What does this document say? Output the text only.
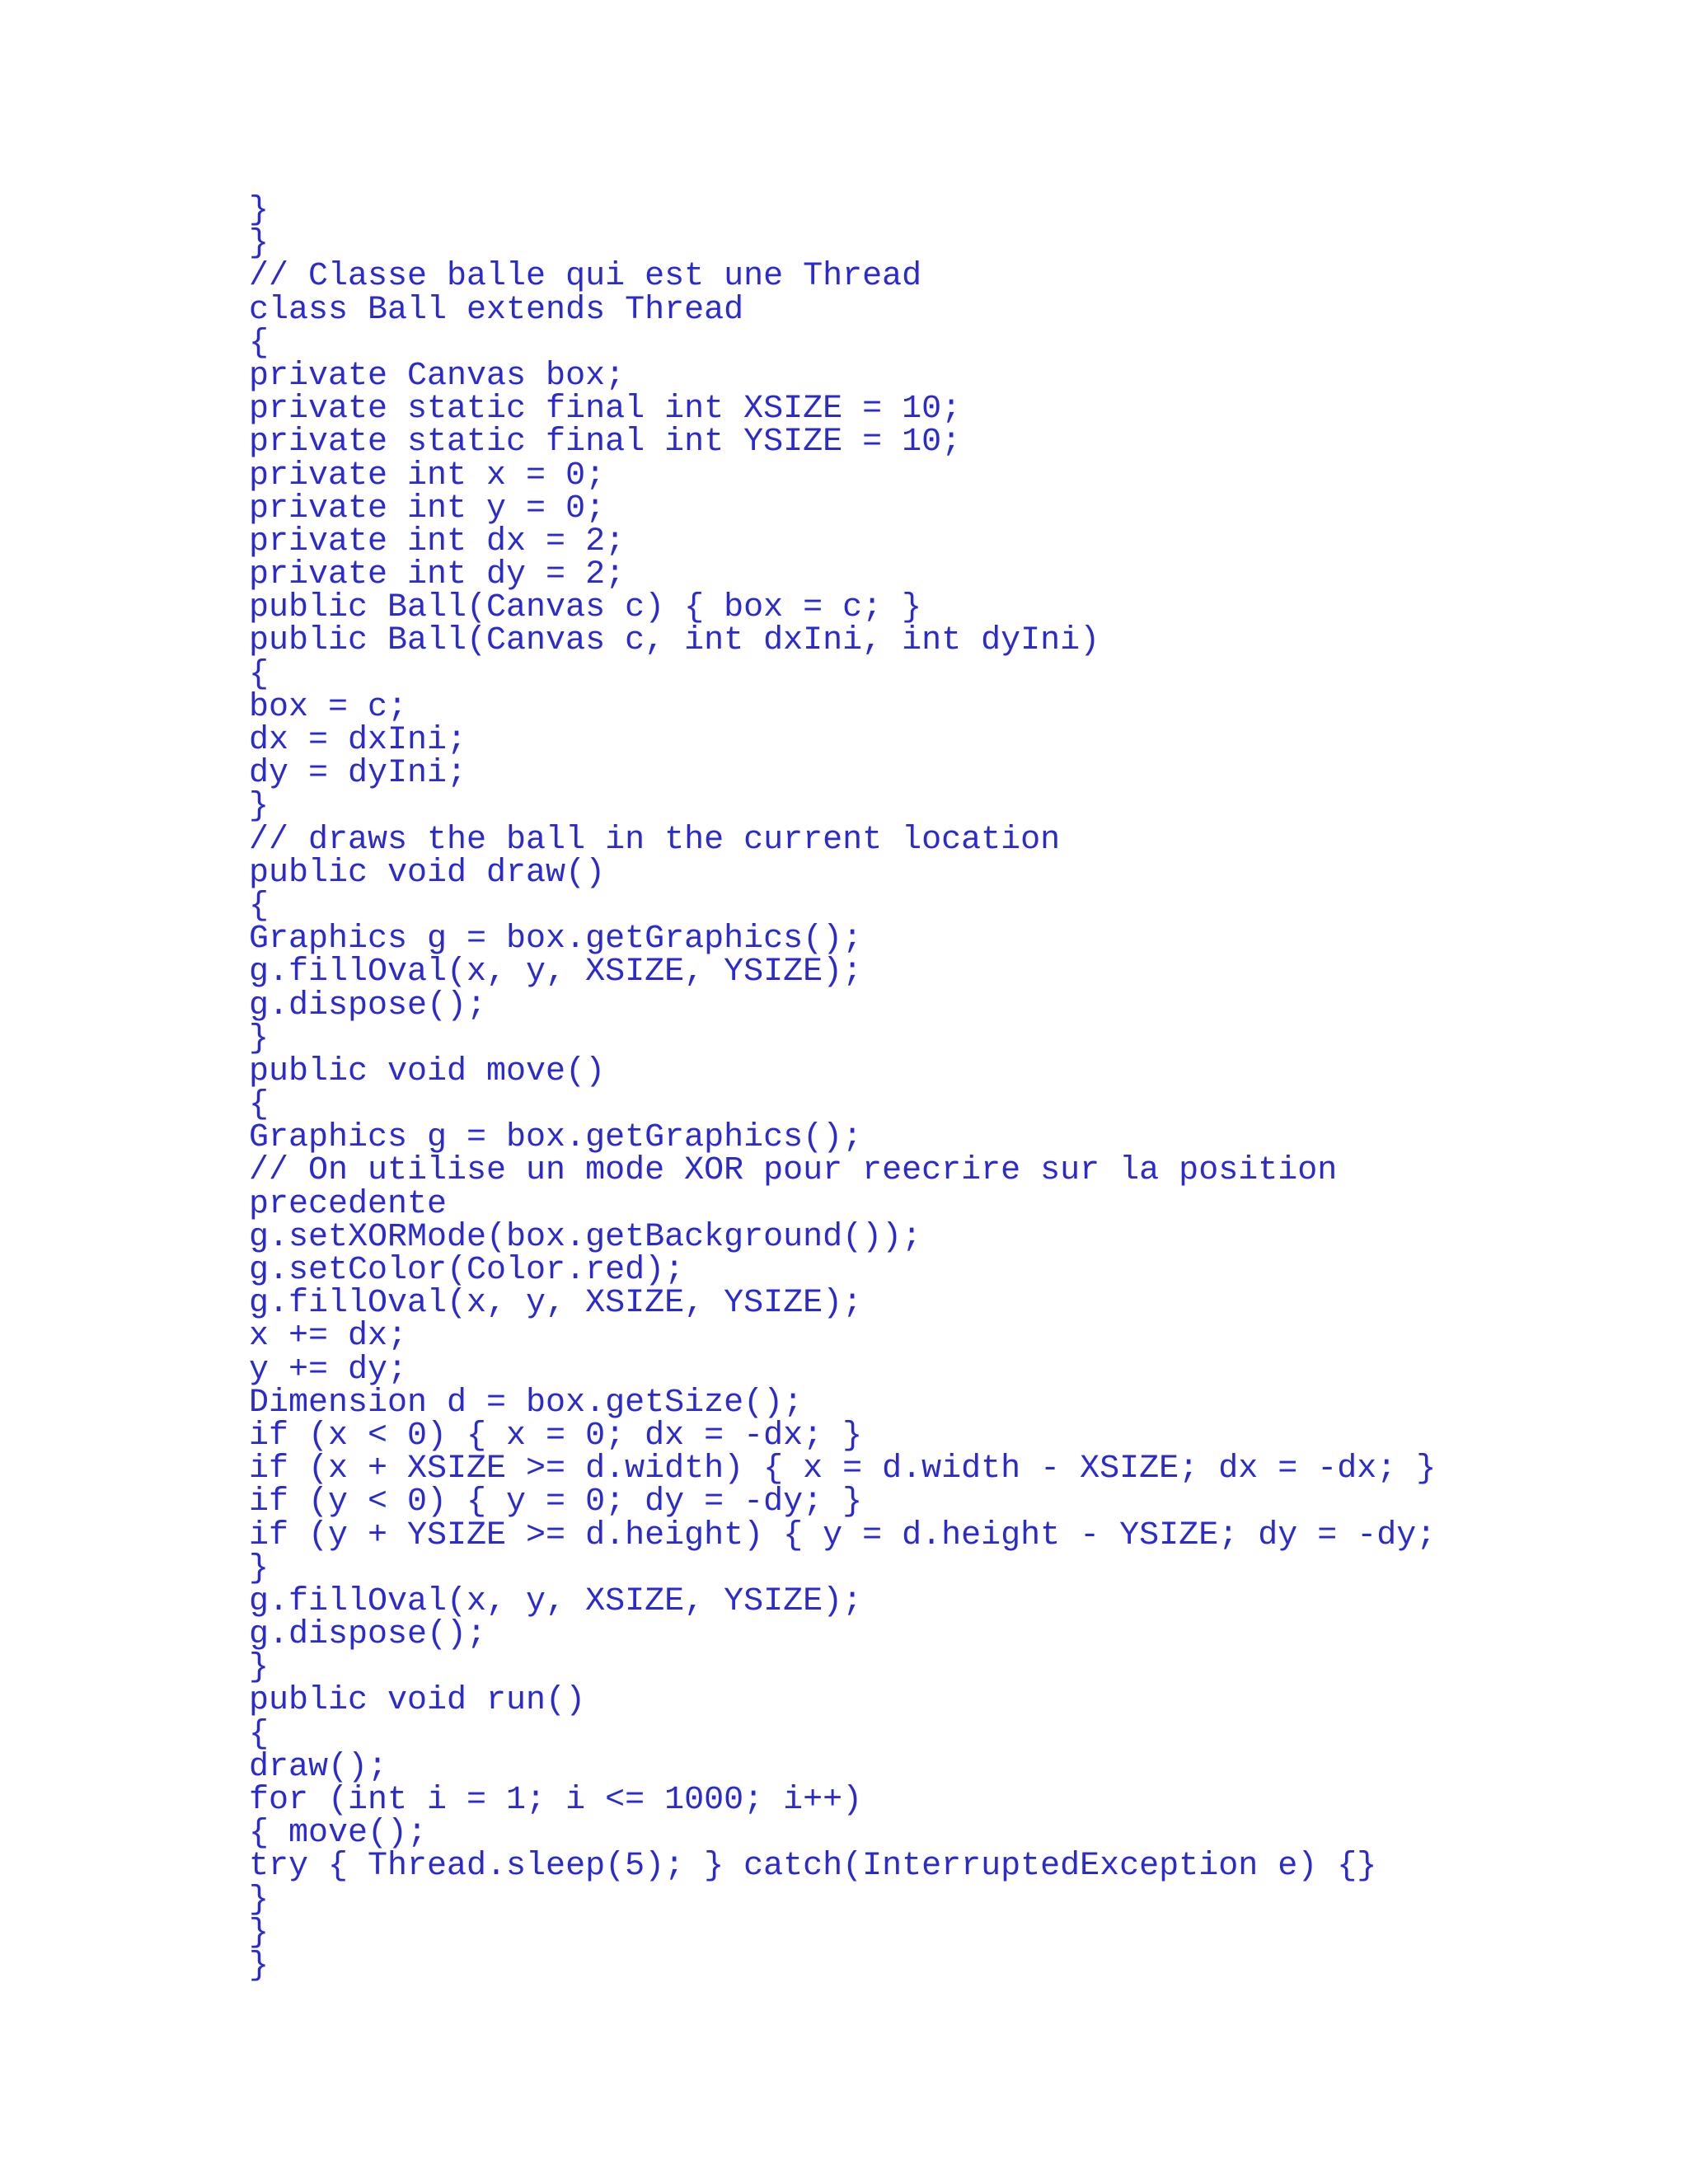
}
}
// Classe balle qui est une Thread
class Ball extends Thread
{
private Canvas box;
private static final int XSIZE = 10;
private static final int YSIZE = 10;
private int x = 0;
private int y = 0;
private int dx = 2;
private int dy = 2;
public Ball(Canvas c) { box = c; }
public Ball(Canvas c, int dxIni, int dyIni)
{
box = c;
dx = dxIni;
dy = dyIni;
}
// draws the ball in the current location
public void draw()
{
Graphics g = box.getGraphics();
g.fillOval(x, y, XSIZE, YSIZE);
g.dispose();
}
public void move()
{
Graphics g = box.getGraphics();
// On utilise un mode XOR pour reecrire sur la position
precedente
g.setXORMode(box.getBackground());
g.setColor(Color.red);
g.fillOval(x, y, XSIZE, YSIZE);
x += dx;
y += dy;
Dimension d = box.getSize();
if (x < 0) { x = 0; dx = -dx; }
if (x + XSIZE >= d.width) { x = d.width - XSIZE; dx = -dx; }
if (y < 0) { y = 0; dy = -dy; }
if (y + YSIZE >= d.height) { y = d.height - YSIZE; dy = -dy;
}
g.fillOval(x, y, XSIZE, YSIZE);
g.dispose();
}
public void run()
{
draw();
for (int i = 1; i <= 1000; i++)
{ move();
try { Thread.sleep(5); } catch(InterruptedException e) {}
}
}
}
